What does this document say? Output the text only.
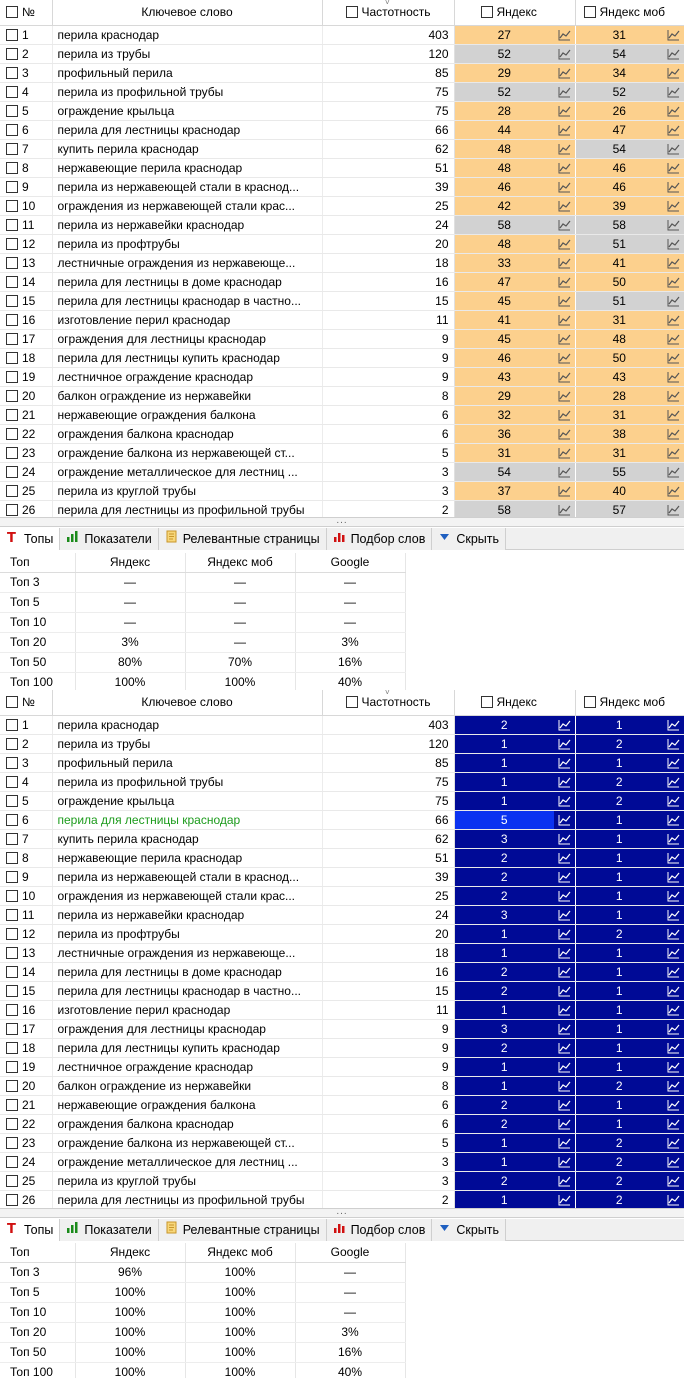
№	Ключевое слово	Частотность	Яндекс		Яндекс моб	
1	перила краснодар	403	27		31	
2	перила из трубы	120	52		54	
3	профильный перила	85	29		34	
4	перила из профильной трубы	75	52		52	
5	ограждение крыльца	75	28		26	
6	перила для лестницы краснодар	66	44		47	
7	купить перила краснодар	62	48		54	
8	нержавеющие перила краснодар	51	48		46	
9	перила из нержавеющей стали в краснод...	39	46		46	
10	ограждения из нержавеющей стали крас...	25	42		39	
11	перила из нержавейки краснодар	24	58		58	
12	перила из профтрубы	20	48		51	
13	лестничные ограждения из нержавеюще...	18	33		41	
14	перила для лестницы в доме краснодар	16	47		50	
15	перила для лестницы краснодар в частно...	15	45		51	
16	изготовление перил краснодар	11	41		31	
17	ограждения для лестницы краснодар	9	45		48	
18	перила для лестницы купить краснодар	9	46		50	
19	лестничное ограждение краснодар	9	43		43	
20	балкон ограждение из нержавейки	8	29		28	
21	нержавеющие ограждения балкона	6	32		31	
22	ограждения балкона краснодар	6	36		38	
23	ограждение балкона из нержавеющей ст...	5	31		31	
24	ограждение металлическое для лестниц ...	3	54		55	
25	перила из круглой трубы	3	37		40	
26	перила для лестницы из профильной трубы	2	58		57	
˅
...
T Топы Показатели Релевантные страницы Подбор слов Скрыть
Топ	Яндекс	Яндекс моб	Google	
Топ 3	—	—	—	
Топ 5	—	—	—	
Топ 10	—	—	—	
Топ 20	3%	—	3%	
Топ 50	80%	70%	16%	
Топ 100	100%	100%	40%	
№	Ключевое слово	Частотность	Яндекс		Яндекс моб	
1	перила краснодар	403	2		1	
2	перила из трубы	120	1		2	
3	профильный перила	85	1		1	
4	перила из профильной трубы	75	1		2	
5	ограждение крыльца	75	1		2	
6	перила для лестницы краснодар	66	5		1	
7	купить перила краснодар	62	3		1	
8	нержавеющие перила краснодар	51	2		1	
9	перила из нержавеющей стали в краснод...	39	2		1	
10	ограждения из нержавеющей стали крас...	25	2		1	
11	перила из нержавейки краснодар	24	3		1	
12	перила из профтрубы	20	1		2	
13	лестничные ограждения из нержавеюще...	18	1		1	
14	перила для лестницы в доме краснодар	16	2		1	
15	перила для лестницы краснодар в частно...	15	2		1	
16	изготовление перил краснодар	11	1		1	
17	ограждения для лестницы краснодар	9	3		1	
18	перила для лестницы купить краснодар	9	2		1	
19	лестничное ограждение краснодар	9	1		1	
20	балкон ограждение из нержавейки	8	1		2	
21	нержавеющие ограждения балкона	6	2		1	
22	ограждения балкона краснодар	6	2		1	
23	ограждение балкона из нержавеющей ст...	5	1		2	
24	ограждение металлическое для лестниц ...	3	1		2	
25	перила из круглой трубы	3	2		2	
26	перила для лестницы из профильной трубы	2	1		2	
˅
...
T Топы Показатели Релевантные страницы Подбор слов Скрыть
Топ	Яндекс	Яндекс моб	Google	
Топ 3	96%	100%	—	
Топ 5	100%	100%	—	
Топ 10	100%	100%	—	
Топ 20	100%	100%	3%	
Топ 50	100%	100%	16%	
Топ 100	100%	100%	40%	
